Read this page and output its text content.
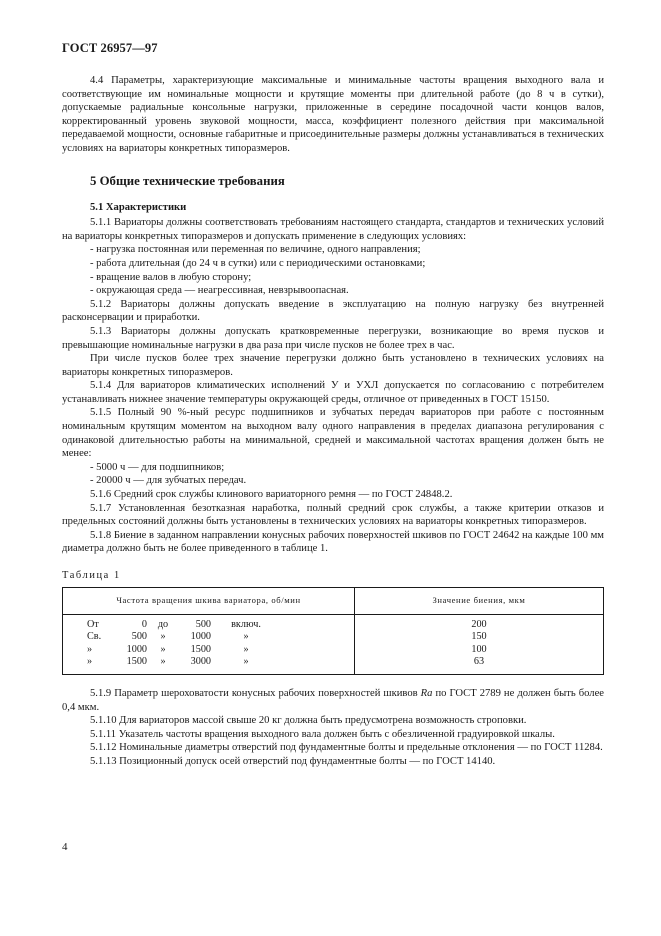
ГОСТ 26957—97

4.4 Параметры, характеризующие максимальные и минимальные частоты вращения выходного вала и соответствующие им номинальные мощности и крутящие моменты при длительной работе (до 8 ч в сутки), допускаемые радиальные консольные нагрузки, приложенные в середине посадочной части концов валов, корректированный уровень звуковой мощности, масса, коэффициент полезного действия при максимальной передаваемой мощности, основные габаритные и присоединительные размеры должны устанавливаться в технических условиях на вариаторы конкретных типоразмеров.

5 Общие технические требования
5.1 Характеристики

5.1.1 Вариаторы должны соответствовать требованиям настоящего стандарта, стандартов и технических условий на вариаторы конкретных типоразмеров и допускать применение в следующих условиях:

- нагрузка постоянная или переменная по величине, одного направления;

- работа длительная (до 24 ч в сутки) или с периодическими остановками;

- вращение валов в любую сторону;

- окружающая среда — неагрессивная, невзрывоопасная.

5.1.2 Вариаторы должны допускать введение в эксплуатацию на полную нагрузку без внутренней расконсервации и приработки.

5.1.3 Вариаторы должны допускать кратковременные перегрузки, возникающие во время пусков и превышающие номинальные нагрузки в два раза при числе пусков не более трех в час.

При числе пусков более трех значение перегрузки должно быть установлено в технических условиях на вариаторы конкретных типоразмеров.

5.1.4 Для вариаторов климатических исполнений У и УХЛ допускается по согласованию с потребителем устанавливать нижнее значение температуры окружающей среды, отличное от приведенных в ГОСТ 15150.

5.1.5 Полный 90 %-ный ресурс подшипников и зубчатых передач вариаторов при работе с постоянным номинальным крутящим моментом на выходном валу одного направления в пределах диапазона регулирования с одинаковой длительностью работы на минимальной, средней и максимальной частотах вращения должен быть не менее:

- 5000 ч — для подшипников;

- 20000 ч — для зубчатых передач.

5.1.6 Средний срок службы клинового вариаторного ремня — по ГОСТ 24848.2.

5.1.7 Установленная безотказная наработка, полный средний срок службы, а также критерии отказов и предельных состояний должны быть установлены в технических условиях на вариаторы конкретных типоразмеров.

5.1.8 Биение в заданном направлении конусных рабочих поверхностей шкивов по ГОСТ 24642 на каждые 100 мм диаметра должно быть не более приведенного в таблице 1.

Таблица 1
Частота вращения шкива вариатора, об/мин	Значение биения, мкм
От 0 до 500 включ.	200
Св. 500 » 1000 »	150
» 1000 » 1500 »	100
» 1500 » 3000 »	63

5.1.9 Параметр шероховатости конусных рабочих поверхностей шкивов Ra по ГОСТ 2789 не должен быть более 0,4 мкм.

5.1.10 Для вариаторов массой свыше 20 кг должна быть предусмотрена возможность строповки.

5.1.11 Указатель частоты вращения выходного вала должен быть с обезличенной градуировкой шкалы.

5.1.12 Номинальные диаметры отверстий под фундаментные болты и предельные отклонения — по ГОСТ 11284.

5.1.13 Позиционный допуск осей отверстий под фундаментные болты — по ГОСТ 14140.

4
